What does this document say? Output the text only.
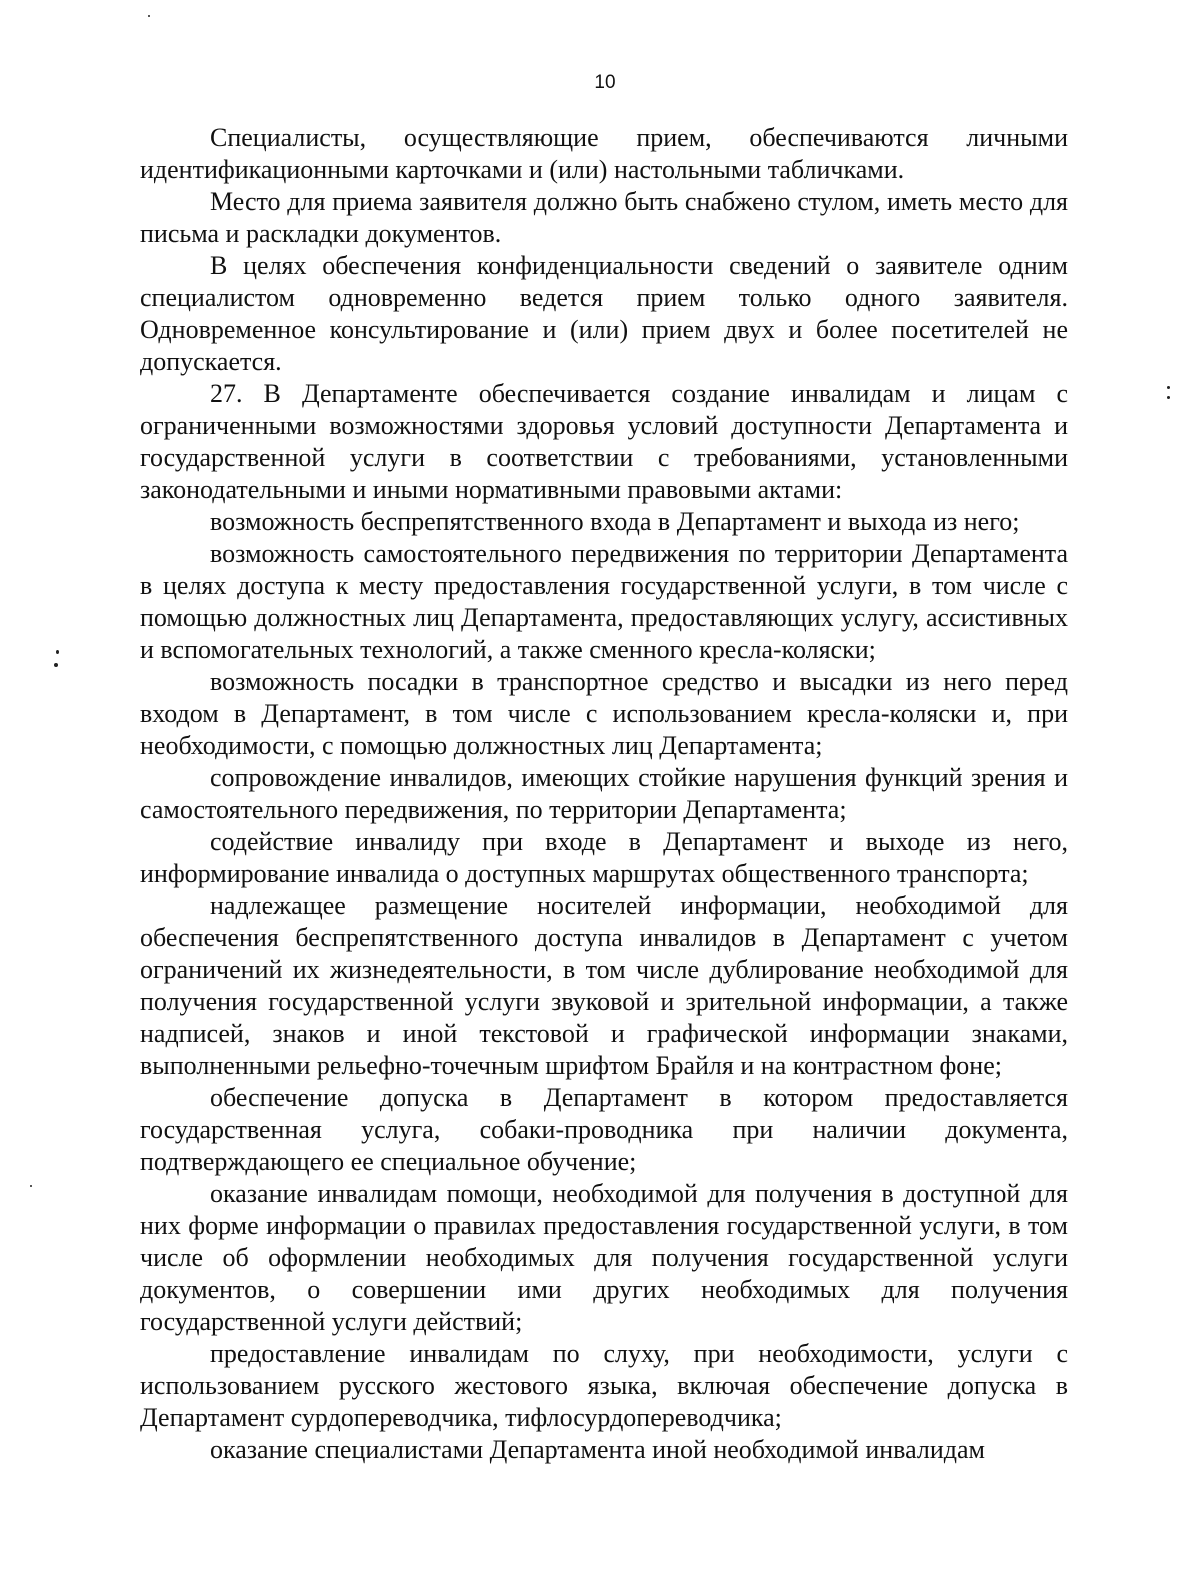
10

Специалисты, осуществляющие прием, обеспечиваются личными идентификационными карточками и (или) настольными табличками.

Место для приема заявителя должно быть снабжено стулом, иметь место для письма и раскладки документов.

В целях обеспечения конфиденциальности сведений о заявителе одним специалистом одновременно ведется прием только одного заявителя. Одновременное консультирование и (или) прием двух и более посетителей не допускается.

27. В Департаменте обеспечивается создание инвалидам и лицам с ограниченными возможностями здоровья условий доступности Департамента и государственной услуги в соответствии с требованиями, установленными законодательными и иными нормативными правовыми актами:

возможность беспрепятственного входа в Департамент и выхода из него;

возможность самостоятельного передвижения по территории Департамента в целях доступа к месту предоставления государственной услуги, в том числе с помощью должностных лиц Департамента, предоставляющих услугу, ассистивных и вспомогательных технологий, а также сменного кресла-коляски;

возможность посадки в транспортное средство и высадки из него перед входом в Департамент, в том числе с использованием кресла-коляски и, при необходимости, с помощью должностных лиц Департамента;

сопровождение инвалидов, имеющих стойкие нарушения функций зрения и самостоятельного передвижения, по территории Департамента;

содействие инвалиду при входе в Департамент и выходе из него, информирование инвалида о доступных маршрутах общественного транспорта;

надлежащее размещение носителей информации, необходимой для обеспечения беспрепятственного доступа инвалидов в Департамент с учетом ограничений их жизнедеятельности, в том числе дублирование необходимой для получения государственной услуги звуковой и зрительной информации, а также надписей, знаков и иной текстовой и графической информации знаками, выполненными рельефно-точечным шрифтом Брайля и на контрастном фоне;

обеспечение допуска в Департамент в котором предоставляется государственная услуга, собаки-проводника при наличии документа, подтверждающего ее специальное обучение;

оказание инвалидам помощи, необходимой для получения в доступной для них форме информации о правилах предоставления государственной услуги, в том числе об оформлении необходимых для получения государственной услуги документов, о совершении ими других необходимых для получения государственной услуги действий;

предоставление инвалидам по слуху, при необходимости, услуги с использованием русского жестового языка, включая обеспечение допуска в Департамент сурдопереводчика, тифлосурдопереводчика;

оказание специалистами Департамента иной необходимой инвалидам
